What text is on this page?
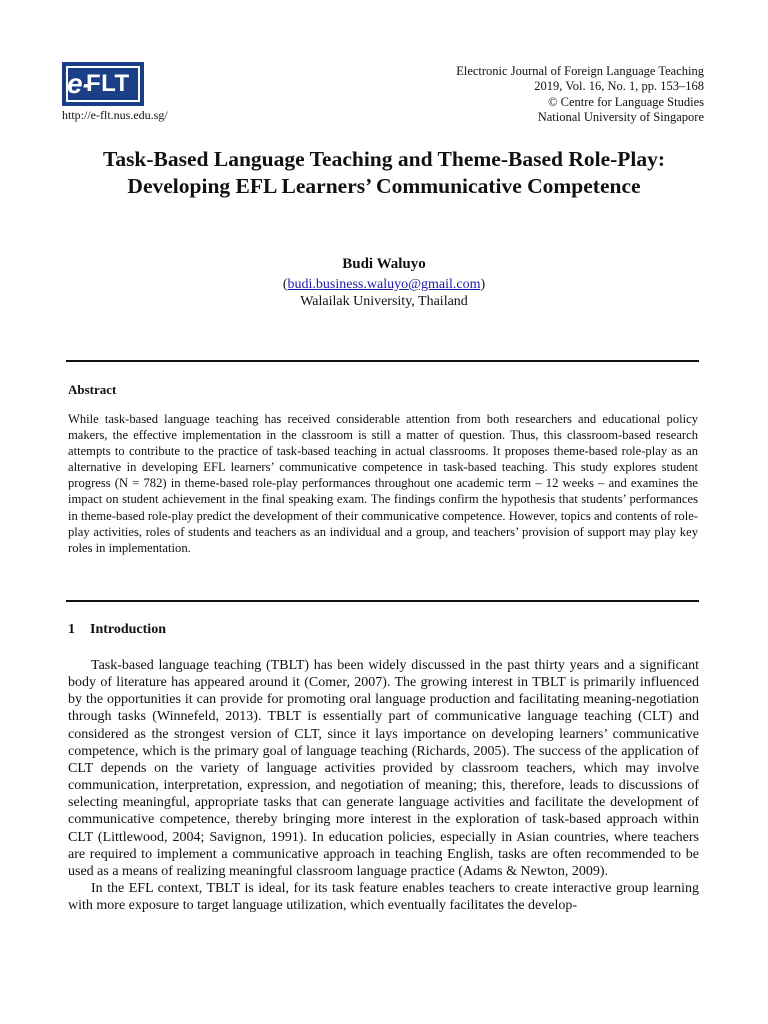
e-
FLT
http://e-flt.nus.edu.sg/
Electronic Journal of Foreign Language Teaching
2019, Vol. 16, No. 1, pp. 153–168
© Centre for Language Studies
National University of Singapore
Task-Based Language Teaching and Theme-Based Role-Play: Developing EFL Learners’ Communicative Competence
Budi Waluyo
(budi.business.waluyo@gmail.com)
Walailak University, Thailand
Abstract
While task-based language teaching has received considerable attention from both researchers and educational policy makers, the effective implementation in the classroom is still a matter of question. Thus, this classroom-based research attempts to contribute to the practice of task-based teaching in actual classrooms. It proposes theme-based role-play as an alternative in developing EFL learners’ communicative competence in task-based teaching. This study explores student progress (N = 782) in theme-based role-play performances throughout one academic term – 12 weeks – and examines the impact on student achievement in the final speaking exam. The findings confirm the hypothesis that students’ performances in theme-based role-play predict the development of their communicative competence. However, topics and contents of role-play activities, roles of students and teachers as an individual and a group, and teachers’ provision of support may play key roles in implementation.
1 Introduction

Task-based language teaching (TBLT) has been widely discussed in the past thirty years and a significant body of literature has appeared around it (Comer, 2007). The growing interest in TBLT is primarily influenced by the opportunities it can provide for promoting oral language production and facilitating meaning-negotiation through tasks (Winnefeld, 2013). TBLT is essentially part of communicative language teaching (CLT) and considered as the strongest version of CLT, since it lays importance on developing learners’ communicative competence, which is the primary goal of language teaching (Richards, 2005). The success of the application of CLT depends on the variety of language activities provided by classroom teachers, which may involve communication, interpretation, expression, and negotiation of meaning; this, therefore, leads to discussions of selecting meaningful, appropriate tasks that can generate language activities and facilitate the development of communicative competence, thereby bringing more interest in the exploration of task-based approach within CLT (Littlewood, 2004; Savignon, 1991). In education policies, especially in Asian countries, where teachers are required to implement a communicative approach in teaching English, tasks are often recommended to be used as a means of realizing meaningful classroom language practice (Adams & Newton, 2009).

In the EFL context, TBLT is ideal, for its task feature enables teachers to create interactive group learning with more exposure to target language utilization, which eventually facilitates the develop-
